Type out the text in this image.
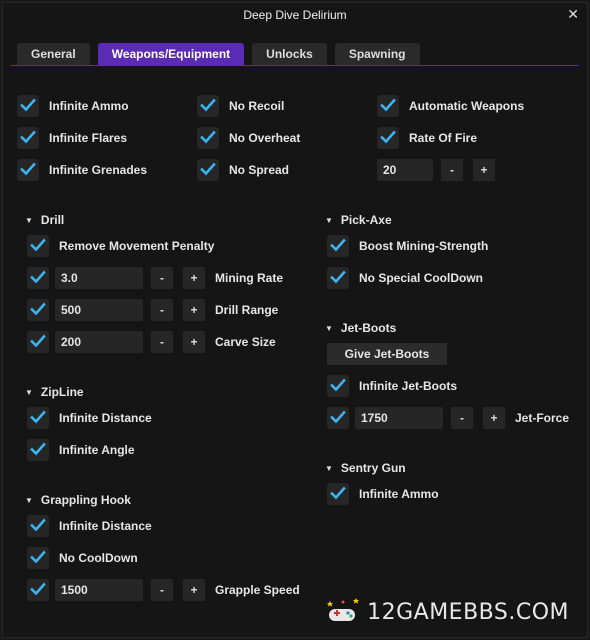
Deep Dive Delirium	✕
General	Weapons/Equipment	Unlocks	Spawning
Infinite Ammo
Infinite Flares
Infinite Grenades
No Recoil
No Overheat
No Spread
Automatic Weapons
Rate Of Fire
20	-	+
▼ Drill
Remove Movement Penalty
3.0	-	+	Mining Rate
500	-	+	Drill Range
200	-	+	Carve Size
▼ ZipLine
Infinite Distance
Infinite Angle
▼ Grappling Hook
Infinite Distance
No CoolDown
1500	-	+	Grapple Speed
▼ Pick-Axe
Boost Mining-Strength
No Special CoolDown
▼ Jet-Boots
Give Jet-Boots
Infinite Jet-Boots
1750	-	+	Jet-Force
▼ Sentry Gun
Infinite Ammo
12GAMEBBS.COM
